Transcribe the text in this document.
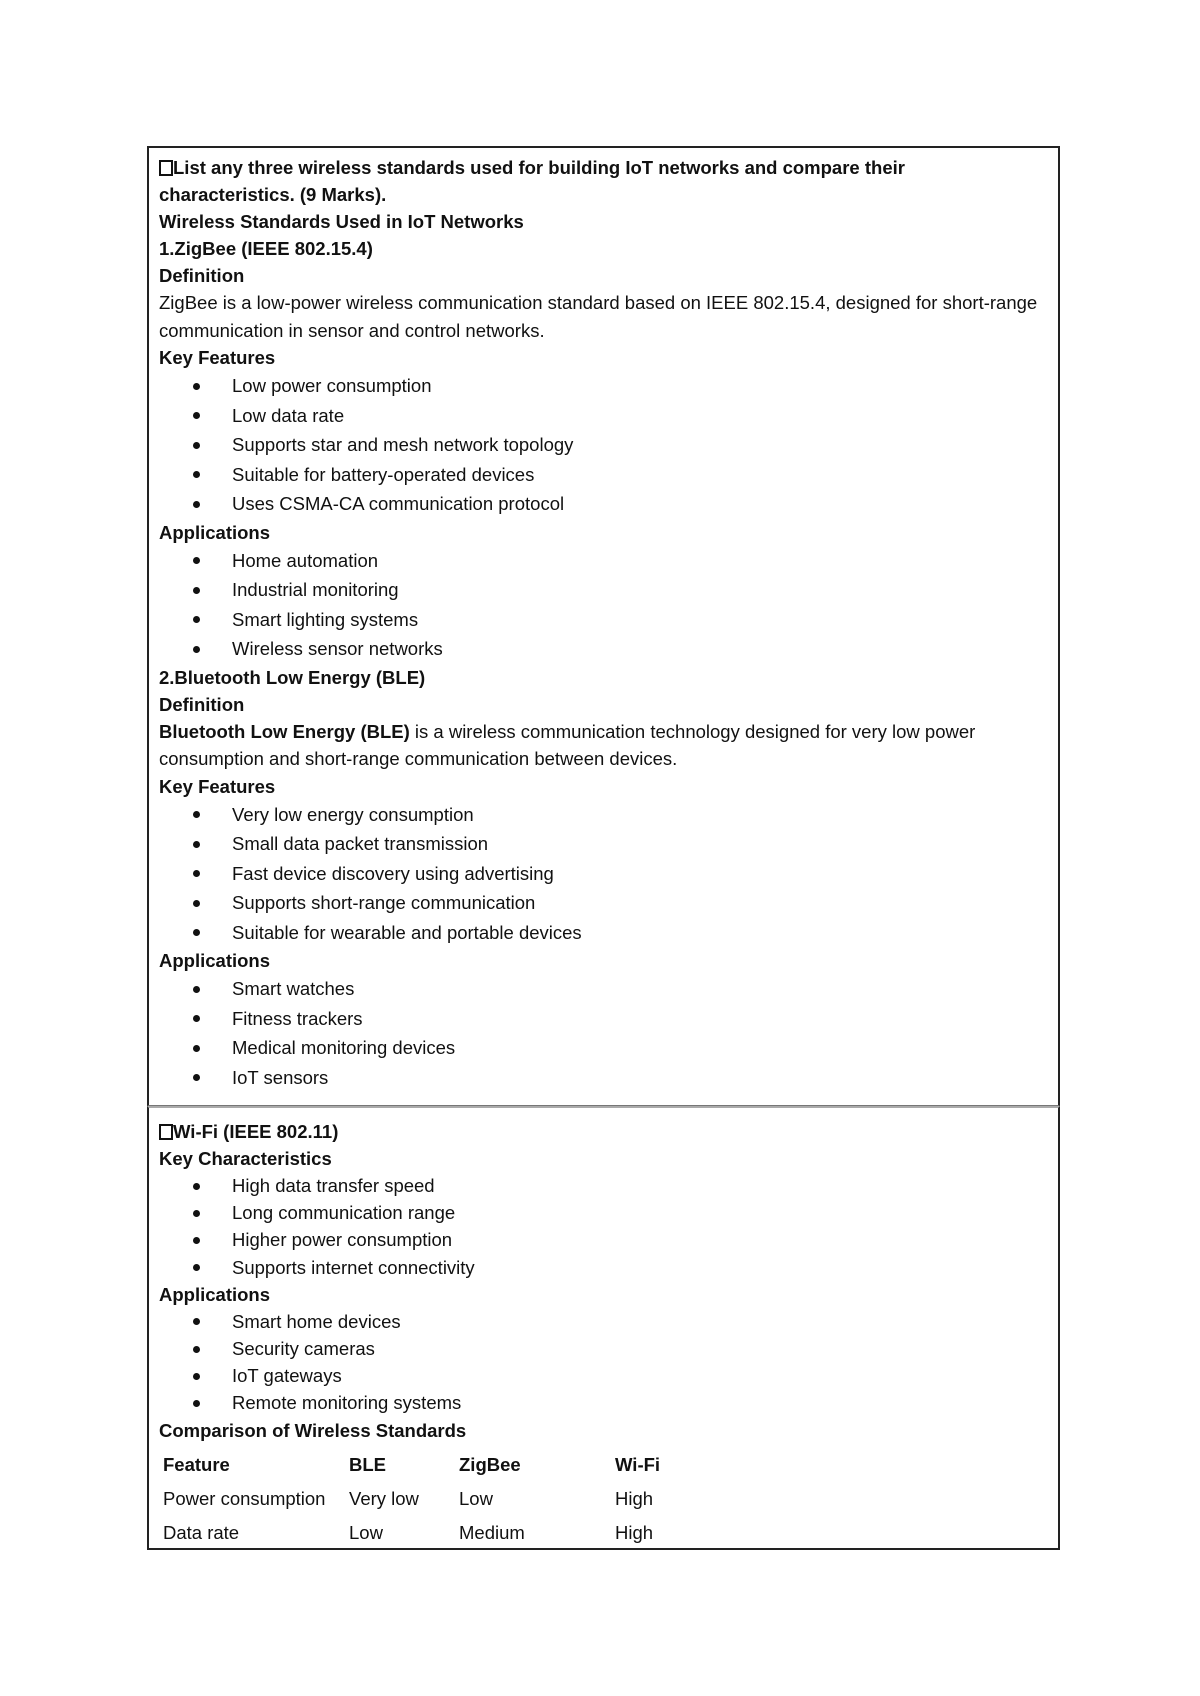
List any three wireless standards used for building IoT networks and compare their
characteristics. (9 Marks).
Wireless Standards Used in IoT Networks
1.ZigBee (IEEE 802.15.4)
Definition
ZigBee is a low-power wireless communication standard based on IEEE 802.15.4, designed for short-range communication in sensor and control networks.
Key Features
Low power consumption
Low data rate
Supports star and mesh network topology
Suitable for battery-operated devices
Uses CSMA-CA communication protocol
Applications
Home automation
Industrial monitoring
Smart lighting systems
Wireless sensor networks
2.Bluetooth Low Energy (BLE)
Definition
Bluetooth Low Energy (BLE) is a wireless communication technology designed for very low power consumption and short-range communication between devices.
Key Features
Very low energy consumption
Small data packet transmission
Fast device discovery using advertising
Supports short-range communication
Suitable for wearable and portable devices
Applications
Smart watches
Fitness trackers
Medical monitoring devices
IoT sensors
Wi-Fi (IEEE 802.11)
Key Characteristics
High data transfer speed
Long communication range
Higher power consumption
Supports internet connectivity
Applications
Smart home devices
Security cameras
IoT gateways
Remote monitoring systems
Comparison of Wireless Standards
Feature	BLE	ZigBee	Wi-Fi
Power consumption	Very low	Low	High
Data rate	Low	Medium	High
